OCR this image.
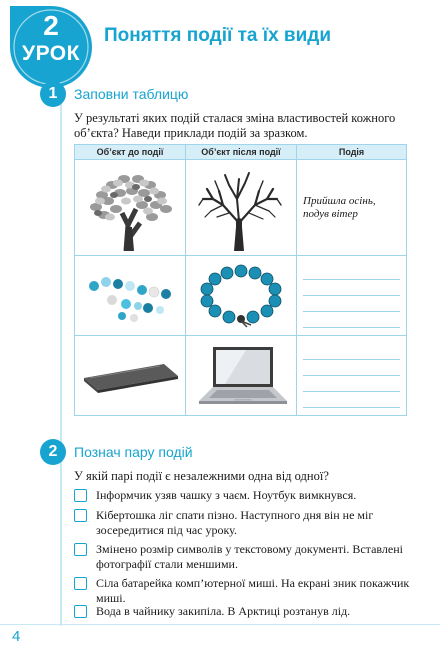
2
УРОК
Поняття події та їх види
1	Заповни таблицю
У результаті яких подій сталася зміна властивостей кожного об’єкта? Наведи приклади подій за зразком.
Об’єкт до події	Об’єкт після події	Подія

Прийшла осінь, подув вітер

2	Познач пару подій
У якій парі події є незалежними одна від одної?
Інформчик узяв чашку з чаєм. Ноутбук вимкнувся.
Кібертошка ліг спати пізно. Наступного дня він не міг зосередитися під час уроку.
Змінено розмір символів у текстовому документі. Вставлені фотографії стали меншими.
Сіла батарейка комп’ютерної миші. На екрані зник покажчик миші.
Вода в чайнику закипіла. В Арктиці розтанув лід.
4
